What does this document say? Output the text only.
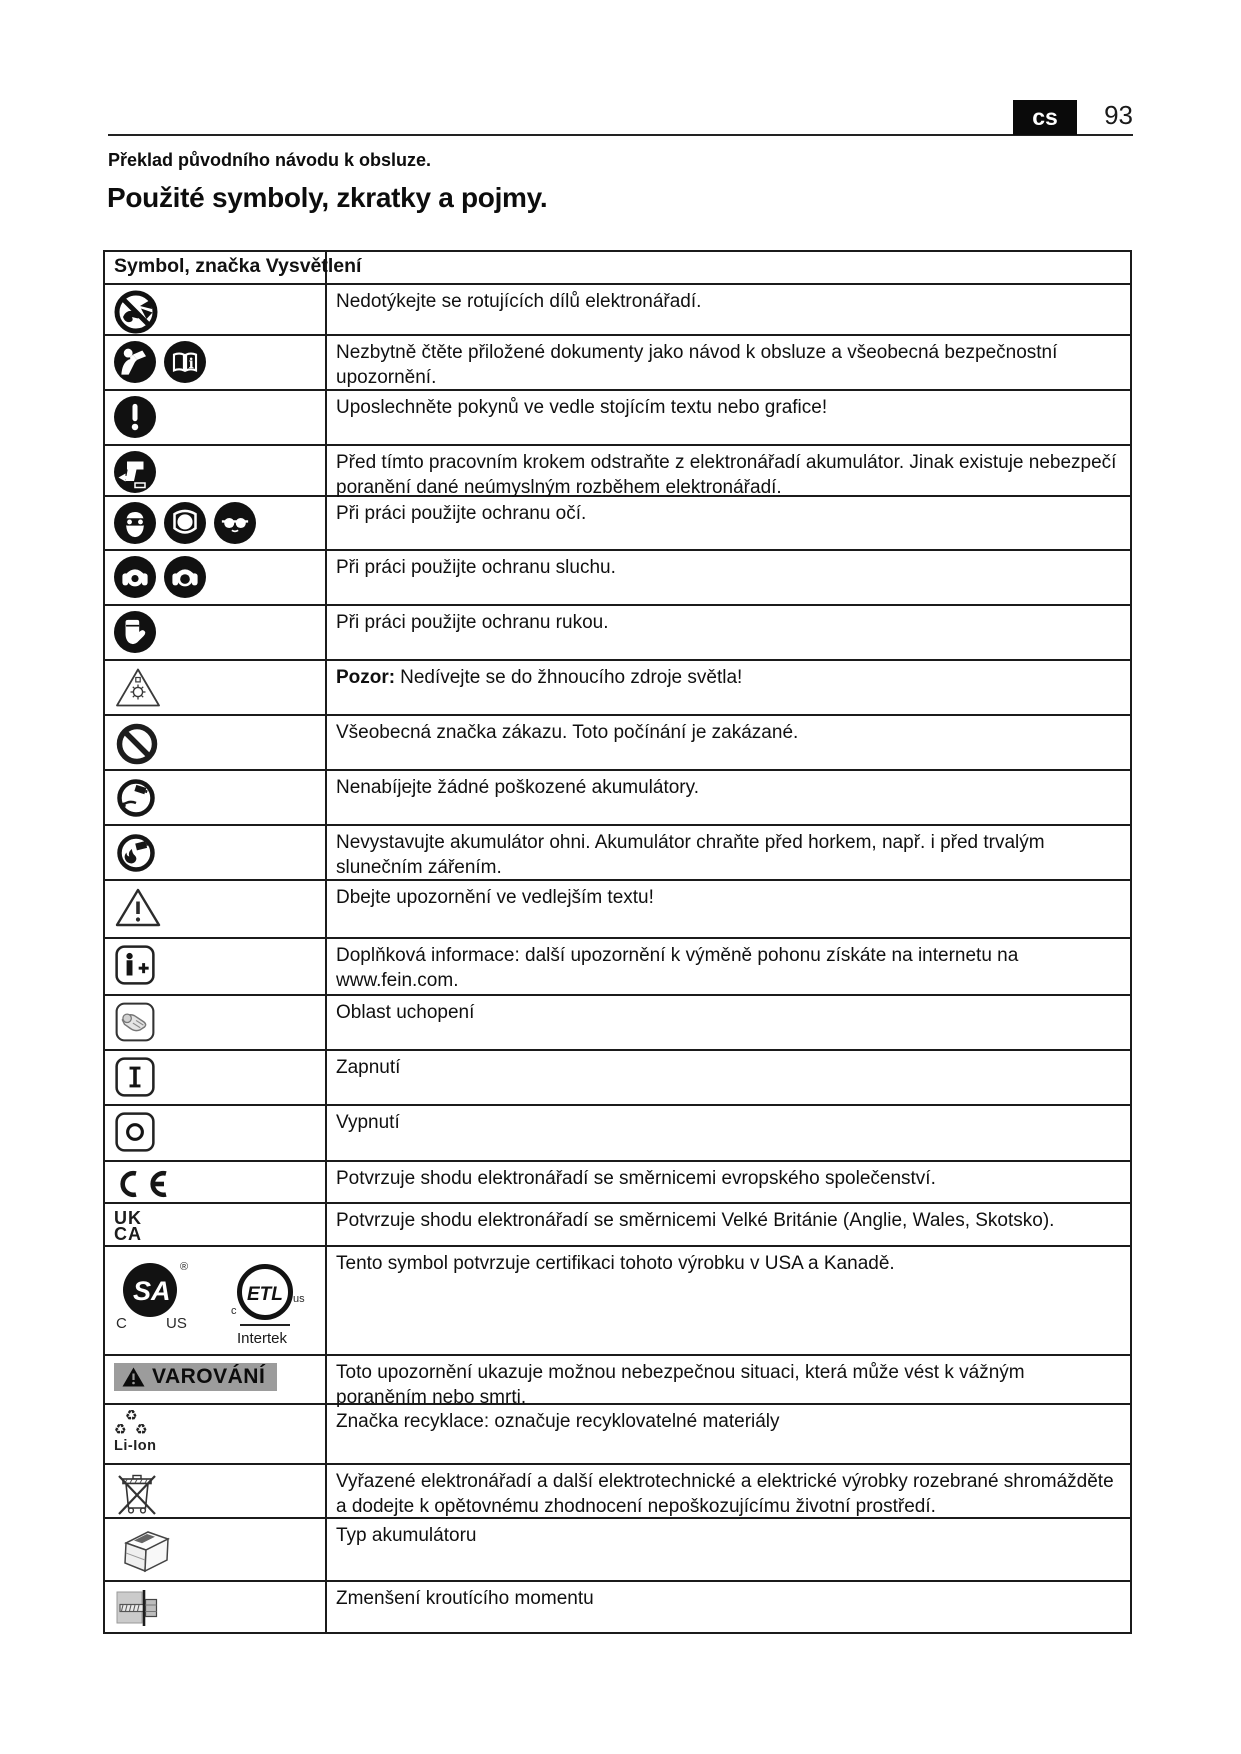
cs	93
Překlad původního návodu k obsluze.
Použité symboly, zkratky a pojmy.
Symbol, značka Vysvětlení
Nedotýkejte se rotujících dílů elektronářadí.
i
Nezbytně čtěte přiložené dokumenty jako návod k obsluze a všeobecná bezpečnostní upozornění.
Uposlechněte pokynů ve vedle stojícím textu nebo grafice!
Před tímto pracovním krokem odstraňte z elektronářadí akumulátor. Jinak existuje nebezpečí poranění dané neúmyslným rozběhem elektronářadí.
Při práci použijte ochranu očí.
Při práci použijte ochranu sluchu.
Při práci použijte ochranu rukou.
Pozor: Nedívejte se do žhnoucího zdroje světla!
Všeobecná značka zákazu. Toto počínání je zakázané.
Nenabíjejte žádné poškozené akumulátory.
Nevystavujte akumulátor ohni. Akumulátor chraňte před horkem, např. i před trvalým slunečním zářením.
Dbejte upozornění ve vedlejším textu!
Doplňková informace: další upozornění k výměně pohonu získáte na internetu na www.fein.com.
Oblast uchopení
Zapnutí
Vypnutí
Potvrzuje shodu elektronářadí se směrnicemi evropského společenství.
UK
CA
Potvrzuje shodu elektronářadí se směrnicemi Velké Británie (Anglie, Wales, Skotsko).
SA
®
C	US
ETL
c
us
Intertek
Tento symbol potvrzuje certifikaci tohoto výrobku v USA a Kanadě.
VAROVÁNÍ	Toto upozornění ukazuje možnou nebezpečnou situaci, která může vést k vážným poraněním nebo smrti.
♻
♻ ♻
Li-Ion
Značka recyklace: označuje recyklovatelné materiály
Vyřazené elektronářadí a další elektrotechnické a elektrické výrobky rozebrané shromážděte a dodejte k opětovnému zhodnocení nepoškozujícímu životní prostředí.
Typ akumulátoru
Zmenšení kroutícího momentu
